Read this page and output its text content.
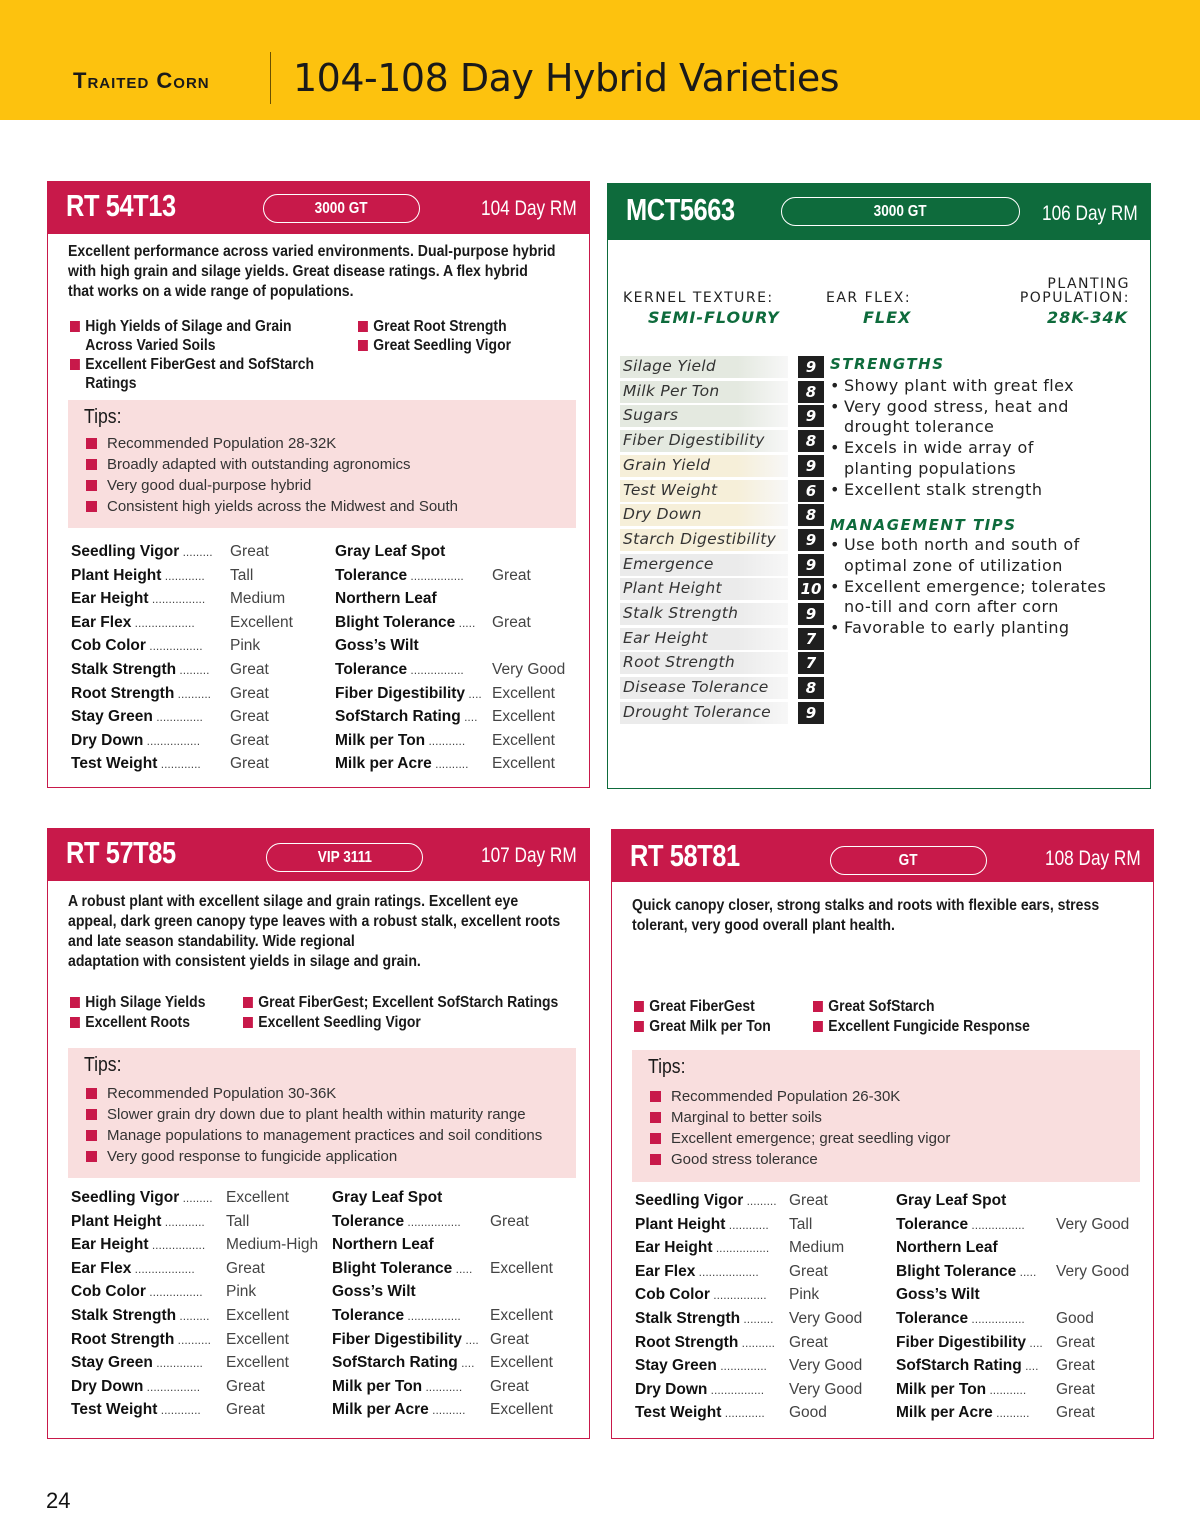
Traited Corn 104-108 Day Hybrid Varieties
RT 54T13	3000 GT	104 Day RM
Excellent performance across varied environments. Dual-purpose hybrid
with high grain and silage yields. Great disease ratings. A flex hybrid
that works on a wide range of populations.
High Yields of Silage and Grain
Across Varied Soils
Excellent FiberGest and SofStarch
Ratings
Great Root Strength
Great Seedling Vigor
Tips:
Recommended Population 28-32K
Broadly adapted with outstanding agronomics
Very good dual-purpose hybrid
Consistent high yields across the Midwest and South
Seedling Vigor ......... Great
Plant Height ............ Tall
Ear Height ................ Medium
Ear Flex .................. Excellent
Cob Color ................ Pink
Stalk Strength ......... Great
Root Strength .......... Great
Stay Green .............. Great
Dry Down ................ Great
Test Weight ............ Great
Gray Leaf Spot
Tolerance ................ Great
Northern Leaf
Blight Tolerance ..... Great
Goss’s Wilt
Tolerance ................ Very Good
Fiber Digestibility .... Excellent
SofStarch Rating .... Excellent
Milk per Ton ........... Excellent
Milk per Acre .......... Excellent
MCT5663	3000 GT	106 Day RM
KERNEL TEXTURE:
SEMI-FLOURY
EAR FLEX:
FLEX
PLANTING
POPULATION:
28K-34K
Silage Yield	9
Milk Per Ton	8
Sugars	9
Fiber Digestibility	8
Grain Yield	9
Test Weight	6
Dry Down	8
Starch Digestibility	9
Emergence	9
Plant Height	10
Stalk Strength	9
Ear Height	7
Root Strength	7
Disease Tolerance	8
Drought Tolerance	9
STRENGTHS
• Showy plant with great flex
• Very good stress, heat and
drought tolerance
• Excels in wide array of
planting populations
• Excellent stalk strength
MANAGEMENT TIPS
• Use both north and south of
optimal zone of utilization
• Excellent emergence; tolerates
no-till and corn after corn
• Favorable to early planting
RT 57T85	VIP 3111	107 Day RM
A robust plant with excellent silage and grain ratings. Excellent eye
appeal, dark green canopy type leaves with a robust stalk, excellent roots
and late season standability. Wide regional
adaptation with consistent yields in silage and grain.
High Silage Yields
Excellent Roots
Great FiberGest; Excellent SofStarch Ratings
Excellent Seedling Vigor
Tips:
Recommended Population 30-36K
Slower grain dry down due to plant health within maturity range
Manage populations to management practices and soil conditions
Very good response to fungicide application
Seedling Vigor ......... Excellent
Plant Height ............ Tall
Ear Height ................ Medium-High
Ear Flex .................. Great
Cob Color ................ Pink
Stalk Strength ......... Excellent
Root Strength .......... Excellent
Stay Green .............. Excellent
Dry Down ................ Great
Test Weight ............ Great
Gray Leaf Spot
Tolerance ................ Great
Northern Leaf
Blight Tolerance ..... Excellent
Goss’s Wilt
Tolerance ................ Excellent
Fiber Digestibility .... Great
SofStarch Rating .... Excellent
Milk per Ton ........... Great
Milk per Acre .......... Excellent
RT 58T81	GT	108 Day RM
Quick canopy closer, strong stalks and roots with flexible ears, stress
tolerant, very good overall plant health.
Great FiberGest
Great Milk per Ton
Great SofStarch
Excellent Fungicide Response
Tips:
Recommended Population 26-30K
Marginal to better soils
Excellent emergence; great seedling vigor
Good stress tolerance
Seedling Vigor ......... Great
Plant Height ............ Tall
Ear Height ................ Medium
Ear Flex .................. Great
Cob Color ................ Pink
Stalk Strength ......... Very Good
Root Strength .......... Great
Stay Green .............. Very Good
Dry Down ................ Very Good
Test Weight ............ Good
Gray Leaf Spot
Tolerance ................ Very Good
Northern Leaf
Blight Tolerance ..... Very Good
Goss’s Wilt
Tolerance ................ Good
Fiber Digestibility .... Great
SofStarch Rating .... Great
Milk per Ton ........... Great
Milk per Acre .......... Great
24
